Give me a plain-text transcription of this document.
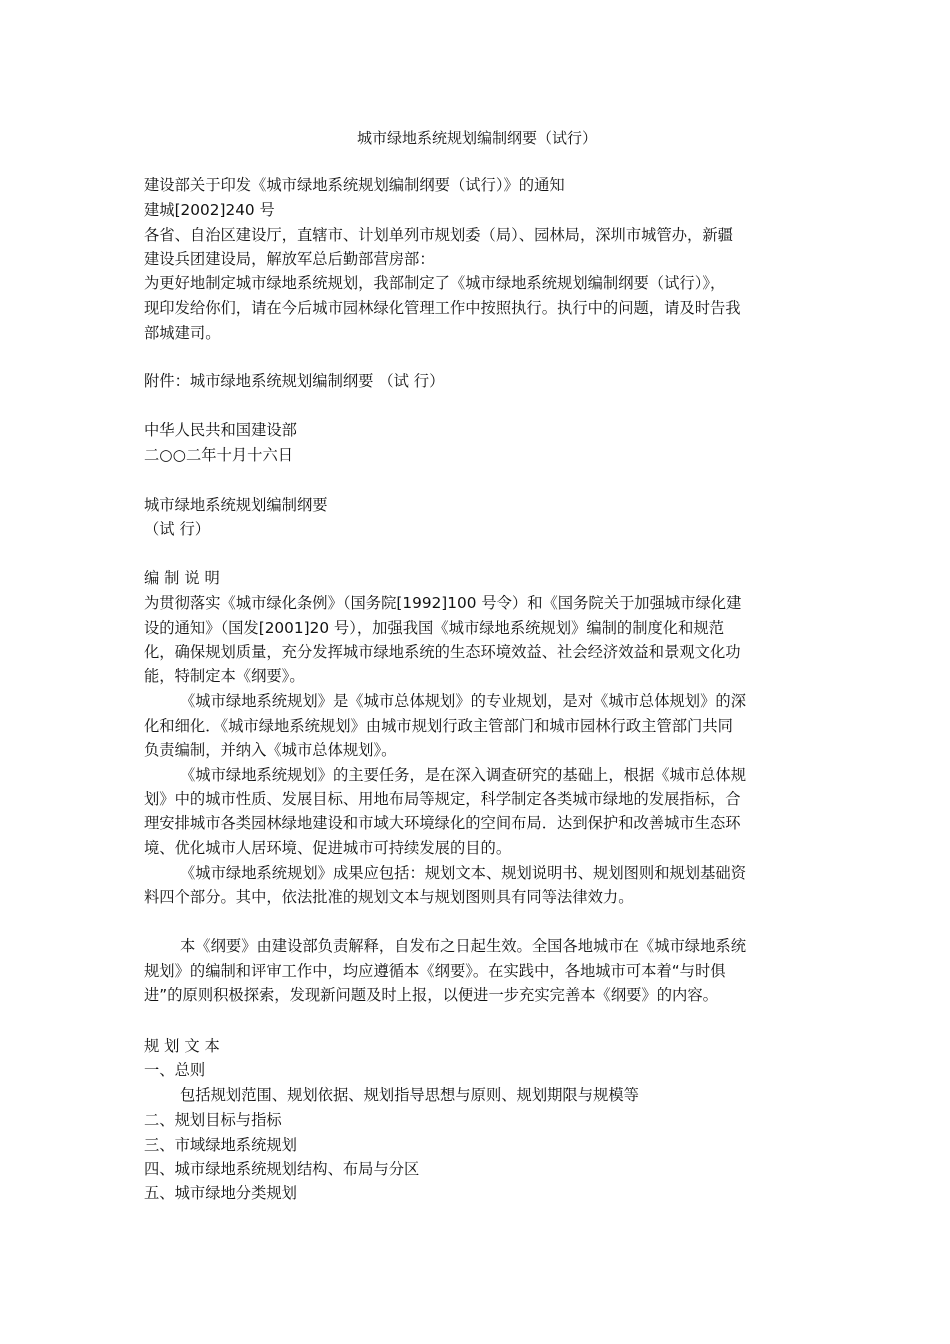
城市绿地系统规划编制纲要（试行）
建设部关于印发《城市绿地系统规划编制纲要（试行）》的通知
建城[2002]240 号
各省、自治区建设厅，直辖市、计划单列市规划委（局）、园林局，深圳市城管办，新疆
建设兵团建设局，解放军总后勤部营房部：
为更好地制定城市绿地系统规划，我部制定了《城市绿地系统规划编制纲要（试行）》，
现印发给你们，请在今后城市园林绿化管理工作中按照执行。执行中的问题，请及时告我
部城建司。
附件：城市绿地系统规划编制纲要 （试 行）
中华人民共和国建设部
二○○二年十月十六日
城市绿地系统规划编制纲要
（试 行）
编 制 说 明
为贯彻落实《城市绿化条例》（国务院[1992]100 号令）和《国务院关于加强城市绿化建
设的通知》（国发[2001]20 号），加强我国《城市绿地系统规划》编制的制度化和规范
化，确保规划质量，充分发挥城市绿地系统的生态环境效益、社会经济效益和景观文化功
能，特制定本《纲要》。
《城市绿地系统规划》是《城市总体规划》的专业规划，是对《城市总体规划》的深
化和细化．《城市绿地系统规划》由城市规划行政主管部门和城市园林行政主管部门共同
负责编制，并纳入《城市总体规划》。
《城市绿地系统规划》的主要任务，是在深入调查研究的基础上，根据《城市总体规
划》中的城市性质、发展目标、用地布局等规定，科学制定各类城市绿地的发展指标，合
理安排城市各类园林绿地建设和市域大环境绿化的空间布局．达到保护和改善城市生态环
境、优化城市人居环境、促进城市可持续发展的目的。
《城市绿地系统规划》成果应包括：规划文本、规划说明书、规划图则和规划基础资
料四个部分。其中，依法批准的规划文本与规划图则具有同等法律效力。
本《纲要》由建设部负责解释，自发布之日起生效。全国各地城市在《城市绿地系统
规划》的编制和评审工作中，均应遵循本《纲要》。在实践中，各地城市可本着“与时俱
进”的原则积极探索，发现新问题及时上报，以便进一步充实完善本《纲要》的内容。
规 划 文 本
一、总则
包括规划范围、规划依据、规划指导思想与原则、规划期限与规模等
二、规划目标与指标
三、市域绿地系统规划
四、城市绿地系统规划结构、布局与分区
五、城市绿地分类规划
